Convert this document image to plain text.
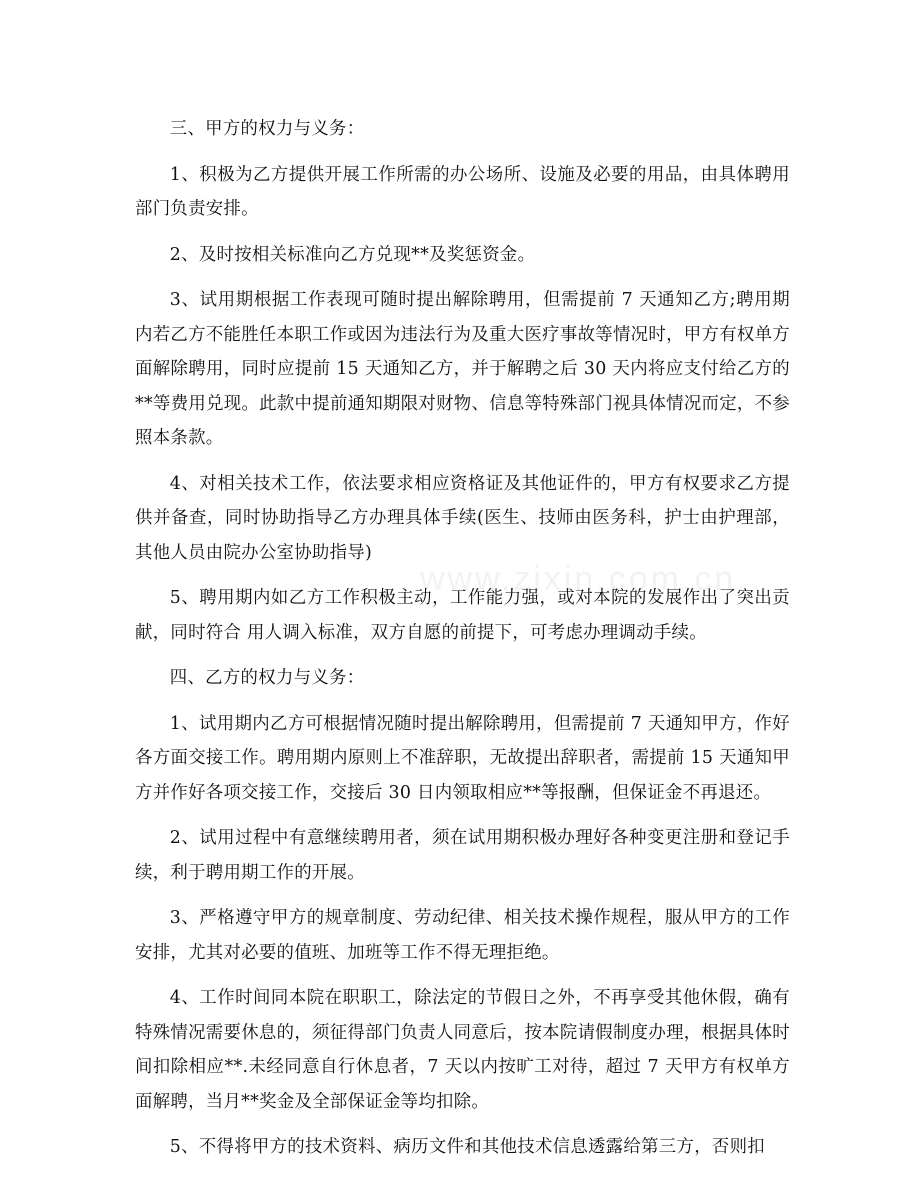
www.zixin.com.cn

三、甲方的权力与义务：

1、积极为乙方提供开展工作所需的办公场所、设施及必要的用品，由具体聘用部门负责安排。

2、及时按相关标准向乙方兑现**及奖惩资金。

3、试用期根据工作表现可随时提出解除聘用，但需提前 7 天通知乙方;聘用期内若乙方不能胜任本职工作或因为违法行为及重大医疗事故等情况时，甲方有权单方面解除聘用，同时应提前 15 天通知乙方，并于解聘之后 30 天内将应支付给乙方的**等费用兑现。此款中提前通知期限对财物、信息等特殊部门视具体情况而定，不参照本条款。

4、对相关技术工作，依法要求相应资格证及其他证件的，甲方有权要求乙方提供并备查，同时协助指导乙方办理具体手续(医生、技师由医务科，护士由护理部，其他人员由院办公室协助指导)

5、聘用期内如乙方工作积极主动，工作能力强，或对本院的发展作出了突出贡献，同时符合 用人调入标准，双方自愿的前提下，可考虑办理调动手续。

四、乙方的权力与义务：

1、试用期内乙方可根据情况随时提出解除聘用，但需提前 7 天通知甲方，作好各方面交接工作。聘用期内原则上不准辞职，无故提出辞职者，需提前 15 天通知甲方并作好各项交接工作，交接后 30 日内领取相应**等报酬，但保证金不再退还。

2、试用过程中有意继续聘用者，须在试用期积极办理好各种变更注册和登记手续，利于聘用期工作的开展。

3、严格遵守甲方的规章制度、劳动纪律、相关技术操作规程，服从甲方的工作安排，尤其对必要的值班、加班等工作不得无理拒绝。

4、工作时间同本院在职职工，除法定的节假日之外，不再享受其他休假，确有特殊情况需要休息的，须征得部门负责人同意后，按本院请假制度办理，根据具体时间扣除相应**.未经同意自行休息者，7 天以内按旷工对待，超过 7 天甲方有权单方面解聘，当月**奖金及全部保证金等均扣除。

5、不得将甲方的技术资料、病历文件和其他技术信息透露给第三方，否则扣
